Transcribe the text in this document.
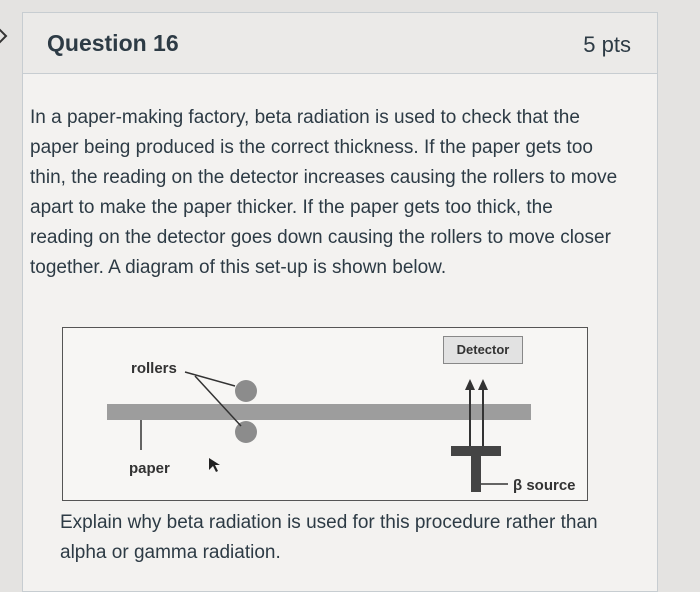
Question 16	5 pts
In a paper-making factory, beta radiation is used to check that the paper being produced is the correct thickness. If the paper gets too thin, the reading on the detector increases causing the rollers to move apart to make the paper thicker. If the paper gets too thick, the reading on the detector goes down causing the rollers to move closer together. A diagram of this set-up is shown below.
rollers
paper
Detector
β source
Explain why beta radiation is used for this procedure rather than alpha or gamma radiation.
